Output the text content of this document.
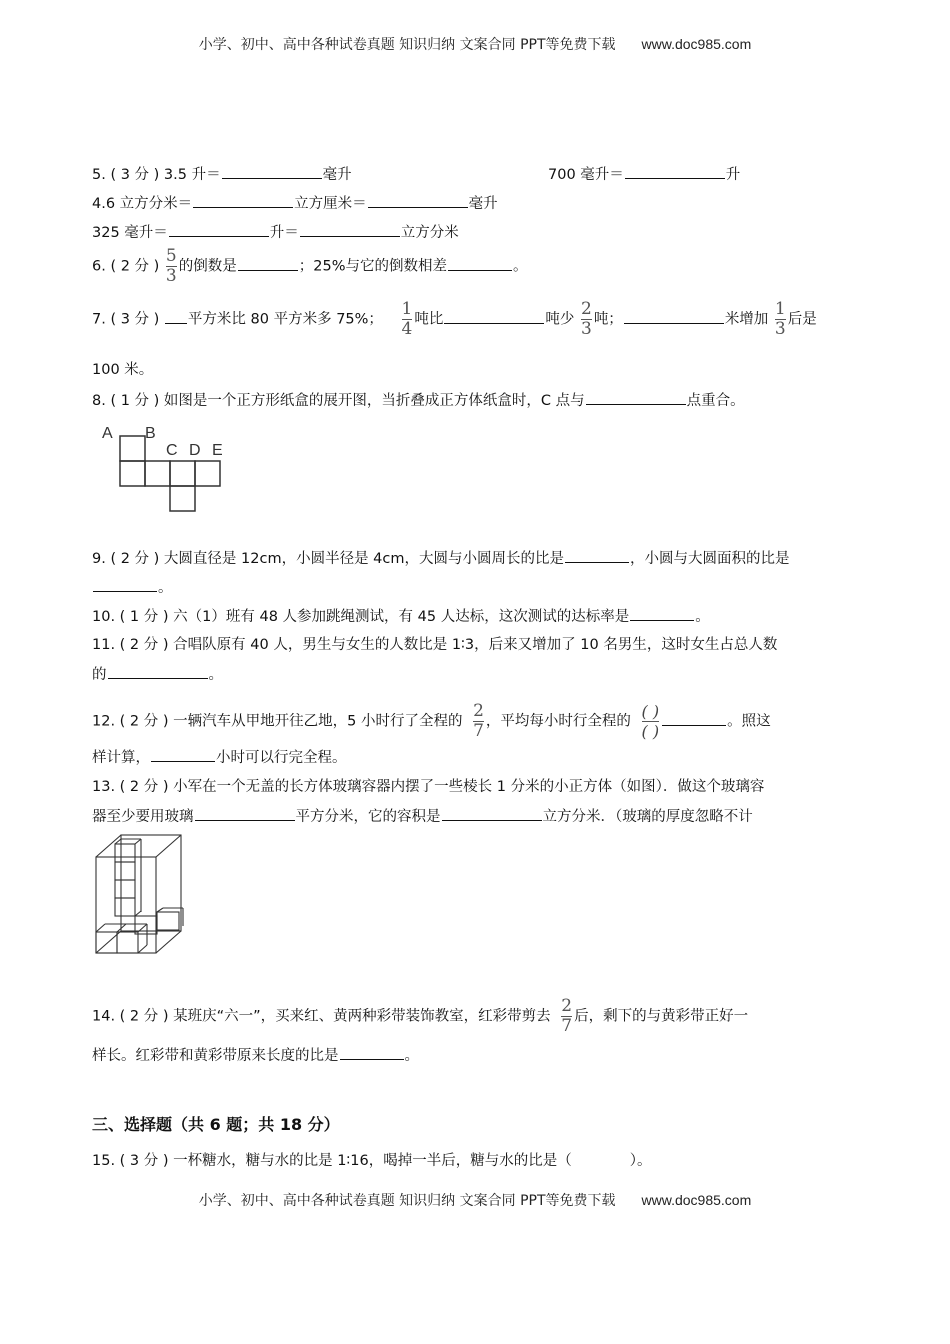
小学、初中、高中各种试卷真题 知识归纳 文案合同 PPT等免费下载 www.doc985.com
5. ( 3 分 ) 3.5 升＝	毫升	700 毫升＝	升
4.6 立方分米＝	立方厘米＝	毫升
325 毫升＝	升＝	立方分米
6. ( 2 分 ) $\frac{5}{3}$ 的倒数是	；25%与它的倒数相差	。
7. ( 3 分 ) 平方米比 80 平方米多 75%； $\frac{1}{4}$ 吨比	吨少 $\frac{2}{3}$ 吨；	米增加 $\frac{1}{3}$ 后是
100 米。
8. ( 1 分 ) 如图是一个正方形纸盒的展开图，当折叠成正方体纸盒时，C 点与	点重合。
A B
C D E
9. ( 2 分 ) 大圆直径是 12cm，小圆半径是 4cm，大圆与小圆周长的比是	，小圆与大圆面积的比是
。
10. ( 1 分 ) 六（1）班有 48 人参加跳绳测试，有 45 人达标，这次测试的达标率是	。
11. ( 2 分 ) 合唱队原有 40 人，男生与女生的人数比是 1∶3，后来又增加了 10 名男生，这时女生占总人数
的	。
12. ( 2 分 ) 一辆汽车从甲地开往乙地，5 小时行了全程的 $\frac{2}{7}$ ，平均每小时行全程的 $\frac{( )}{( )}$	。照这
样计算，	小时可以行完全程。
13. ( 2 分 ) 小军在一个无盖的长方体玻璃容器内摆了一些棱长 1 分米的小正方体（如图）．做这个玻璃容
器至少要用玻璃	平方分米，它的容积是	立方分米．（玻璃的厚度忽略不计
14. ( 2 分 ) 某班庆“六一”，买来红、黄两种彩带装饰教室，红彩带剪去 $\frac{2}{7}$ 后，剩下的与黄彩带正好一
样长。红彩带和黄彩带原来长度的比是	。
三、选择题（共 6 题；共 18 分）
15. ( 3 分 ) 一杯糖水，糖与水的比是 1∶16，喝掉一半后，糖与水的比是（　　　　）。
小学、初中、高中各种试卷真题 知识归纳 文案合同 PPT等免费下载 www.doc985.com
